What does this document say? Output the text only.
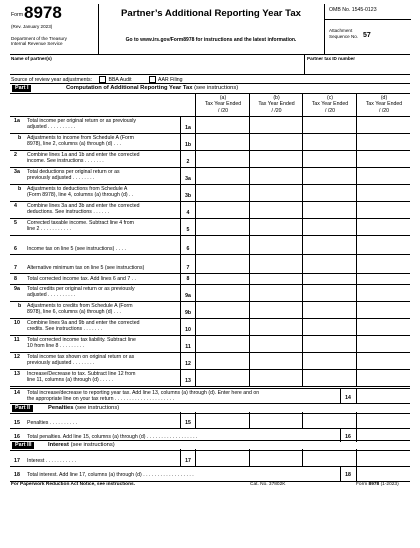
Form 8978
(Rev. January 2023)
Department of the Treasury
Internal Revenue Service
Partner’s Additional Reporting Year Tax
Go to www.irs.gov/Form8978 for instructions and the latest information.
OMB No. 1545-0123
Attachment
Sequence No. 57
Name of partner(s)	Partner tax ID number
Source of review year adjustments:	BBA Audit	AAR Filing
Part I	Computation of Additional Reporting Year Tax (see instructions)
(a)
Tax Year Ended
/ /20
(b)
Tax Year Ended
/ /20
(c)
Tax Year Ended
/ /20
(d)
Tax Year Ended
/ /20
1a Total income per original return or as previously
adjusted . . . . . . . . . .	1a
b Adjustments to income from Schedule A (Form
8978), line 2, columns (a) through (d) . . .	1b
2 Combine lines 1a and 1b and enter the corrected
income. See instructions . . . . . . .	2
3a Total deductions per original return or as
previously adjusted . . . . . . . .	3a
b Adjustments to deductions from Schedule A
(Form 8978), line 4, columns (a) through (d) . .	3b
4 Combine lines 3a and 3b and enter the corrected
deductions. See instructions . . . . . .	4
5 Corrected taxable income. Subtract line 4 from
line 2 . . . . . . . . . . .	5
6 Income tax on line 5 (see instructions) . . . .	6
7 Alternative minimum tax on line 5 (see instructions)	7
8 Total corrected income tax. Add lines 6 and 7 . .	8
9a Total credits per original return or as previously
adjusted . . . . . . . . . .	9a
b Adjustments to credits from Schedule A (Form
8978), line 6, columns (a) through (d) . . .	9b
10 Combine lines 9a and 9b and enter the corrected
credits. See instructions . . . . . . .	10
11 Total corrected income tax liability. Subtract line
10 from line 8 . . . . . . . . .	11
12 Total income tax shown on original return or as
previously adjusted . . . . . . . .	12
13 Increase/Decrease to tax. Subtract line 12 from
line 11, columns (a) through (d) . . . . .	13
14 Total increase/decrease to reporting year tax. Add line 13, columns (a) through (d). Enter here and on
the appropriate line on your tax return . . . . . . . . . . . . . . . . . . . . .	14
Part II	Penalties (see instructions)
15 Penalties . . . . . . . . . .	15
16 Total penalties. Add line 15, columns (a) through (d) . . . . . . . . . . . . . . . . . .	16
Part III	Interest (see instructions)
17 Interest . . . . . . . . . . .	17
18 Total interest. Add line 17, columns (a) through (d) . . . . . . . . . . . . . . . . . .	18
For Paperwork Reduction Act Notice, see instructions.	Cat. No. 37802K	Form 8978 (1-2023)
